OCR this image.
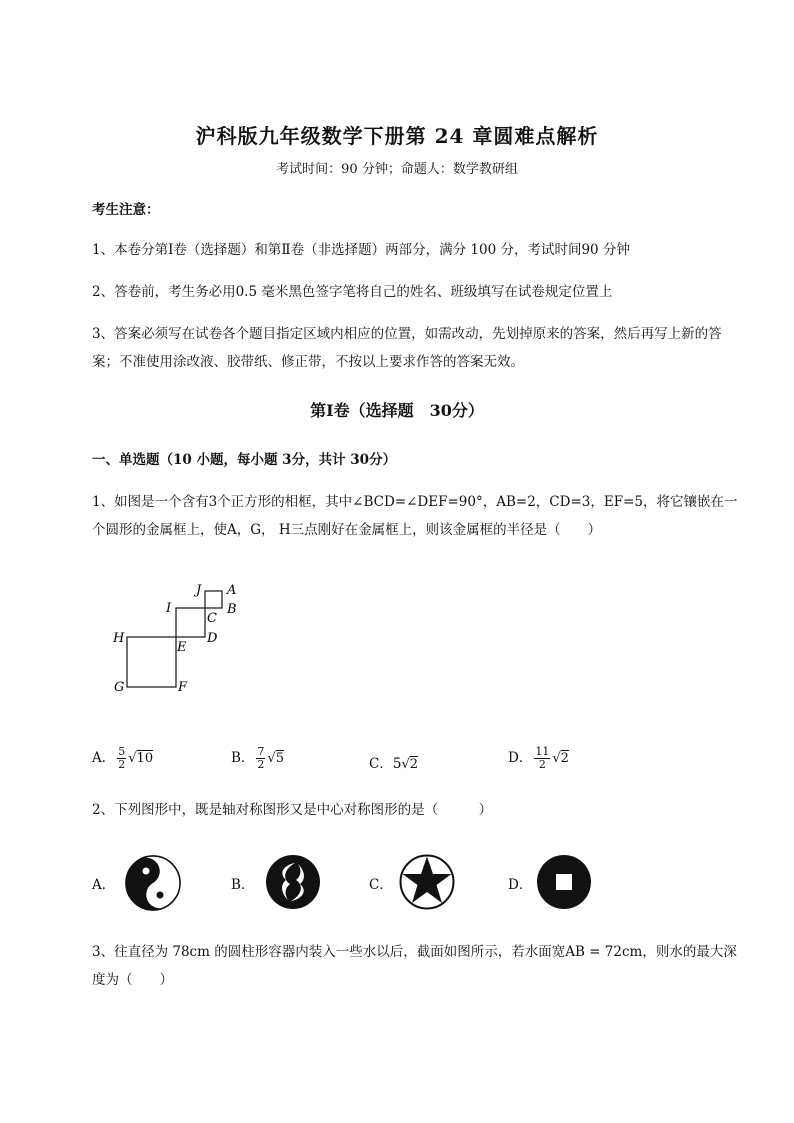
沪科版九年级数学下册第 24 章圆难点解析
考试时间：90 分钟；命题人：数学教研组
考生注意：
1、本卷分第Ⅰ卷（选择题）和第Ⅱ卷（非选择题）两部分，满分 100 分，考试时间90 分钟
2、答卷前，考生务必用0.5 毫米黑色签字笔将自己的姓名、班级填写在试卷规定位置上
3、答案必须写在试卷各个题目指定区域内相应的位置，如需改动，先划掉原来的答案，然后再写上新的答案；不准使用涂改液、胶带纸、修正带，不按以上要求作答的答案无效。
第Ⅰ卷（选择题　30分）
一、单选题（10 小题，每小题 3分，共计 30分）
1、如图是一个含有3个正方形的相框，其中∠BCD=∠DEF=90°，AB=2，CD=3，EF=5，将它镶嵌在一个圆形的金属框上，使A，G， H三点刚好在金属框上，则该金属框的半径是（　　）
J A
I	B
C
H	D
E
G	F
A． $\frac{5}{2} √10$	B． $\frac{7}{2} √5$	C．5√2	D． $\frac{11}{2} √2$
2、下列图形中，既是轴对称图形又是中心对称图形的是（　　　）
A．	B．	C．	D．
3、往直径为 78cm 的圆柱形容器内装入一些水以后，截面如图所示，若水面宽AB = 72cm，则水的最大深度为（　　）
